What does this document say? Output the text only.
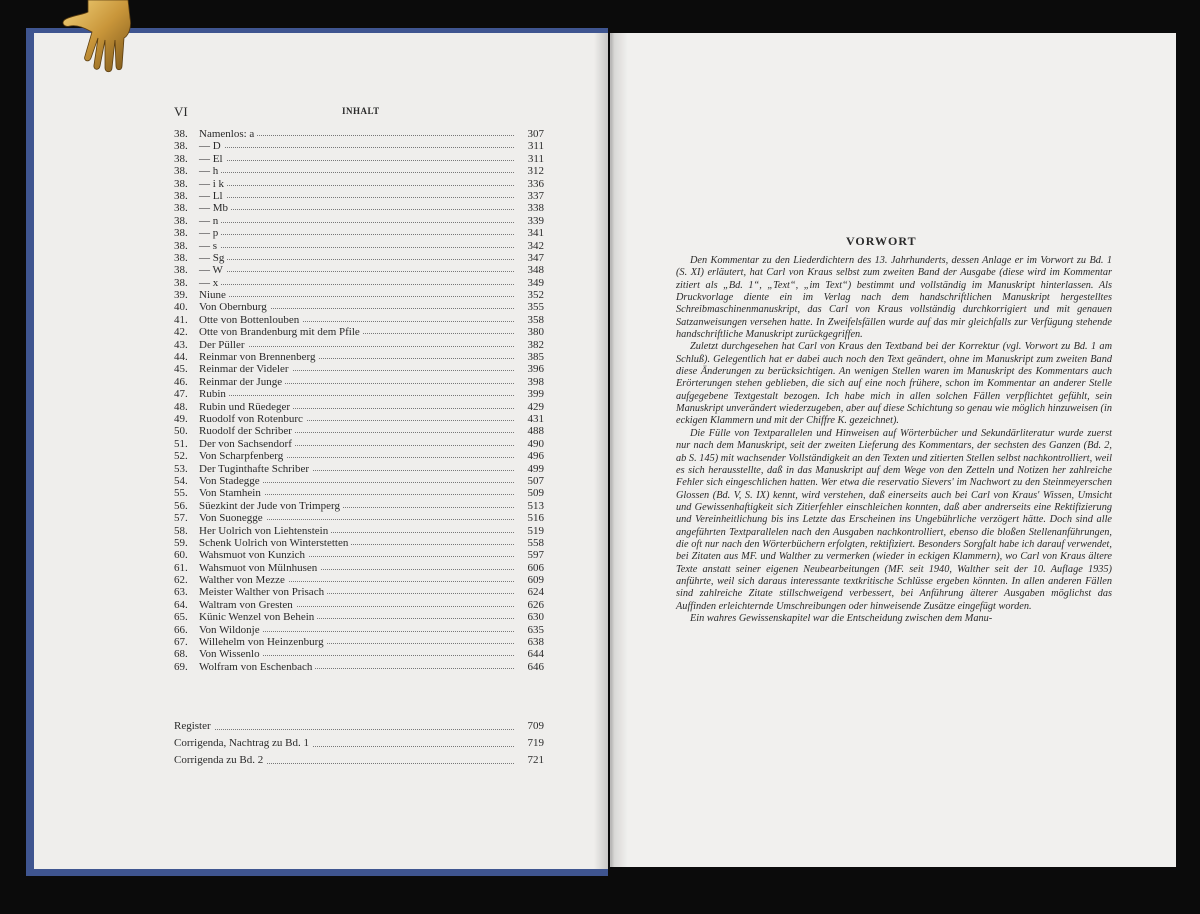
VI	INHALT
38. Namenlos: a	307
38. — D	311
38. — El	311
38. — h	312
38. — i k	336
38. — Ll	337
38. — Mb	338
38. — n	339
38. — p	341
38. — s	342
38. — Sg	347
38. — W	348
38. — x	349
39. Niune	352
40. Von Obernburg	355
41. Otte von Bottenlouben	358
42. Otte von Brandenburg mit dem Pfile	380
43. Der Püller	382
44. Reinmar von Brennenberg	385
45. Reinmar der Videler	396
46. Reinmar der Junge	398
47. Rubin	399
48. Rubin und Rüedeger	429
49. Ruodolf von Rotenburc	431
50. Ruodolf der Schriber	488
51. Der von Sachsendorf	490
52. Von Scharpfenberg	496
53. Der Tuginthafte Schriber	499
54. Von Stadegge	507
55. Von Stamhein	509
56. Süezkint der Jude von Trimperg	513
57. Von Suonegge	516
58. Her Uolrich von Liehtenstein	519
59. Schenk Uolrich von Winterstetten	558
60. Wahsmuot von Kunzich	597
61. Wahsmuot von Mülnhusen	606
62. Walther von Mezze	609
63. Meister Walther von Prisach	624
64. Waltram von Gresten	626
65. Künic Wenzel von Behein	630
66. Von Wildonje	635
67. Willehelm von Heinzenburg	638
68. Von Wissenlo	644
69. Wolfram von Eschenbach	646
Register	709
Corrigenda, Nachtrag zu Bd. 1	719
Corrigenda zu Bd. 2	721
VORWORT

Den Kommentar zu den Liederdichtern des 13. Jahrhunderts, dessen Anlage er im Vorwort zu Bd. 1 (S. XI) erläutert, hat Carl von Kraus selbst zum zweiten Band der Ausgabe (diese wird im Kommentar zitiert als „Bd. 1“, „Text“, „im Text“) bestimmt und vollständig im Manuskript hinterlassen. Als Druckvorlage diente ein im Verlag nach dem handschriftlichen Manuskript hergestelltes Schreibmaschinenmanuskript, das Carl von Kraus vollständig durchkorrigiert und mit genauen Satzanweisungen versehen hatte. In Zweifelsfällen wurde auf das mir gleichfalls zur Verfügung stehende handschriftliche Manuskript zurückgegriffen.

Zuletzt durchgesehen hat Carl von Kraus den Textband bei der Korrektur (vgl. Vorwort zu Bd. 1 am Schluß). Gelegentlich hat er dabei auch noch den Text geändert, ohne im Manuskript zum zweiten Band diese Änderungen zu berücksichtigen. An wenigen Stellen waren im Manuskript des Kommentars auch Erörterungen stehen geblieben, die sich auf eine noch frühere, schon im Kommentar an anderer Stelle aufgegebene Textgestalt bezogen. Ich habe mich in allen solchen Fällen verpflichtet gefühlt, sein Manuskript unverändert wiederzugeben, aber auf diese Schichtung so genau wie möglich hinzuweisen (in eckigen Klammern und mit der Chiffre K. gezeichnet).

Die Fülle von Textparallelen und Hinweisen auf Wörterbücher und Sekundärliteratur wurde zuerst nur nach dem Manuskript, seit der zweiten Lieferung des Kommentars, der sechsten des Ganzen (Bd. 2, ab S. 145) mit wachsender Vollständigkeit an den Texten und zitierten Stellen selbst nachkontrolliert, weil es sich herausstellte, daß in das Manuskript auf dem Wege von den Zetteln und Notizen her zahlreiche Fehler sich eingeschlichen hatten. Wer etwa die reservatio Sievers' im Nachwort zu den Steinmeyerschen Glossen (Bd. V, S. IX) kennt, wird verstehen, daß einerseits auch bei Carl von Kraus' Wissen, Umsicht und Gewissenhaftigkeit sich Zitierfehler einschleichen konnten, daß aber andrerseits eine Rektifizierung und Vereinheitlichung bis ins Letzte das Erscheinen ins Ungebührliche verzögert hätte. Doch sind alle angeführten Textparallelen nach den Ausgaben nachkontrolliert, ebenso die bloßen Stellenanführungen, die oft nur nach den Wörterbüchern erfolgten, rektifiziert. Besonders Sorgfalt habe ich darauf verwendet, bei Zitaten aus MF. und Walther zu vermerken (wieder in eckigen Klammern), wo Carl von Kraus ältere Texte anstatt seiner eigenen Neubearbeitungen (MF. seit 1940, Walther seit der 10. Auflage 1935) anführte, weil sich daraus interessante textkritische Schlüsse ergeben könnten. In allen anderen Fällen sind zahlreiche Zitate stillschweigend verbessert, bei Anführung älterer Ausgaben möglichst das Auffinden erleichternde Umschreibungen oder hinweisende Zusätze eingefügt worden.

Ein wahres Gewissenskapitel war die Entscheidung zwischen dem Manu-
